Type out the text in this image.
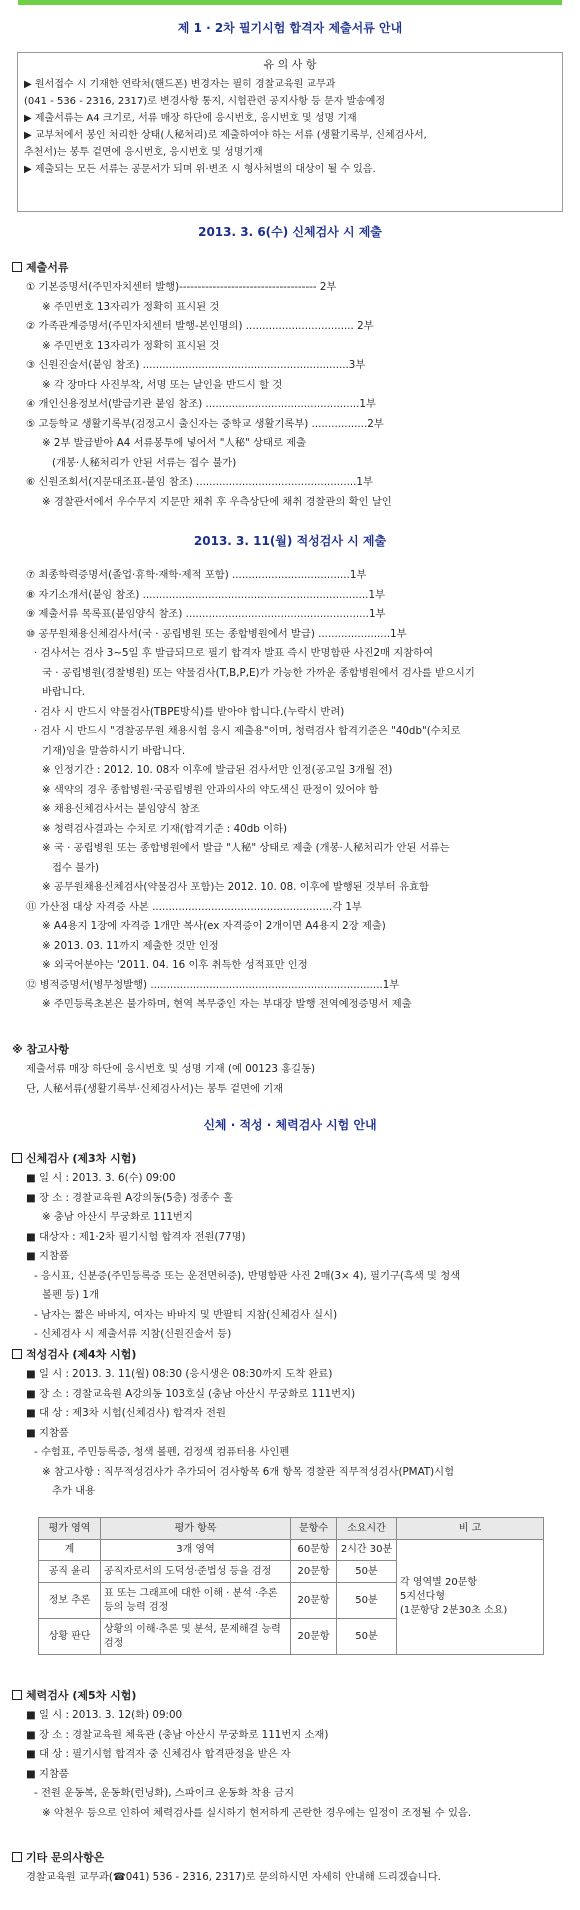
제 1 · 2차 필기시험 합격자 제출서류 안내
유 의 사 항
▶ 원서접수 시 기재한 연락처(핸드폰) 변경자는 필히 경찰교육원 교무과
(041 - 536 - 2316, 2317)로 변경사항 통지, 시험관련 공지사항 등 문자 발송예정
▶ 제출서류는 A4 크기로, 서류 매장 하단에 응시번호, 응시번호 및 성명 기재
▶ 교부처에서 봉인 처리한 상태(人秘처리)로 제출하여야 하는 서류 (생활기록부, 신체검사서,
추천서)는 봉투 겉면에 응시번호, 응시번호 및 성명기재
▶ 제출되는 모든 서류는 공문서가 되며 위·변조 시 형사처벌의 대상이 될 수 있음.
2013. 3. 6(수) 신체검사 시 제출
제출서류
① 기본증명서(주민자치센터 발행)------------------------------------- 2부
※ 주민번호 13자리가 정확히 표시된 것
② 가족관계증명서(주민자치센터 발행-본인명의) ................................. 2부
※ 주민번호 13자리가 정확히 표시된 것
③ 신원진술서(붙임 참조) ...............................................................3부
※ 각 장마다 사진부착, 서명 또는 날인을 반드시 할 것
④ 개인신용정보서(발급기관 붙임 참조) ...............................................1부
⑤ 고등학교 생활기록부(검정고시 출신자는 중학교 생활기록부) .................2부
※ 2부 발급받아 A4 서류봉투에 넣어서 "人秘" 상태로 제출
(개봉·人秘처리가 안된 서류는 접수 불가)
⑥ 신원조회서(지문대조표-붙임 참조) .................................................1부
※ 경찰관서에서 우수무지 지문만 채취 후 우측상단에 채취 경찰관의 확인 날인
2013. 3. 11(월) 적성검사 시 제출
⑦ 최종학력증명서(졸업·휴학·재학·제적 포함) ....................................1부
⑧ 자기소개서(붙임 참조) .....................................................................1부
⑨ 제출서류 목록표(붙임양식 참조) ........................................................1부
⑩ 공무원채용신체검사서(국 · 공립병원 또는 종합병원에서 발급) ......................1부
· 검사서는 검사 3~5일 후 발급되므로 필기 합격자 발표 즉시 반명함판 사진2매 지참하여
국 · 공립병원(경찰병원) 또는 약물검사(T,B,P,E)가 가능한 가까운 종합병원에서 검사를 받으시기
바랍니다.
· 검사 시 반드시 약물검사(TBPE방식)를 받아야 합니다.(누락시 반려)
· 검사 시 반드시 "경찰공무원 채용시험 응시 제출용"이며, 청력검사 합격기준은 "40db"(수치로
기재)임을 말씀하시기 바랍니다.
※ 인정기간 : 2012. 10. 08자 이후에 발급된 검사서만 인정(공고일 3개월 전)
※ 색약의 경우 종합병원·국공립병원 안과의사의 약도색신 판정이 있어야 함
※ 채용신체검사서는 붙임양식 참조
※ 청력검사결과는 수치로 기재(합격기준 : 40db 이하)
※ 국 · 공립병원 또는 종합병원에서 발급 "人秘" 상태로 제출 (개봉·人秘처리가 안된 서류는
접수 불가)
※ 공무원채용신체검사(약물검사 포함)는 2012. 10. 08. 이후에 발행된 것부터 유효함
⑪ 가산점 대상 자격증 사본 .......................................................각 1부
※ A4용지 1장에 자격증 1개만 복사(ex 자격증이 2개이면 A4용지 2장 제출)
※ 2013. 03. 11까지 제출한 것만 인정
※ 외국어분야는 '2011. 04. 16 이후 취득한 성적표만 인정
⑫ 병적증명서(병무청발행) .......................................................................1부
※ 주민등록초본은 불가하며, 현역 복무중인 자는 부대장 발행 전역예정증명서 제출
※ 참고사항
제출서류 매장 하단에 응시번호 및 성명 기재 (예 00123 홍길동)
단, 人秘서류(생활기록부·신체검사서)는 봉투 겉면에 기재
신체 · 적성 · 체력검사 시험 안내
신체검사 (제3차 시험)
■ 일 시 : 2013. 3. 6(수) 09:00
■ 장 소 : 경찰교육원 A강의동(5층) 정종수 홀
※ 충남 아산시 무궁화로 111번지
■ 대상자 : 제1·2차 필기시험 합격자 전원(77명)
■ 지참품
- 응시표, 신분증(주민등록증 또는 운전면허증), 반명함판 사진 2매(3× 4), 필기구(흑색 및 청색
볼펜 등) 1개
- 남자는 짧은 바바지, 여자는 바바지 및 반팔티 지참(신체검사 실시)
- 신체검사 시 제출서류 지참(신원진술서 등)
적성검사 (제4차 시험)
■ 일 시 : 2013. 3. 11(월) 08:30 (응시생은 08:30까지 도착 완료)
■ 장 소 : 경찰교육원 A강의동 103호실 (충남 아산시 무궁화로 111번지)
■ 대 상 : 제3차 시험(신체검사) 합격자 전원
■ 지참품
- 수험표, 주민등록증, 청색 볼펜, 검정색 컴퓨터용 사인펜
※ 참고사항 : 직무적성검사가 추가되어 검사항목 6개 항목 경찰관 직무적성검사(PMAT)시험
추가 내용
평가 영역	평가 항목	문항수	소요시간	비 고
계	3개 영역	60문항	2시간 30분	각 영역별 20문항
5지선다형
(1문항당 2분30초 소요)

공직 윤리	공직자로서의 도덕성·준법성 등을 검정	20문항	50분	
정보 추론	표 또는 그래프에 대한 이해 · 분석 ·추론 등의 능력 검정	20문항	50분	
상황 판단	상황의 이해·추론 및 분석, 문제해결 능력 검정	20문항	50분	
체력검사 (제5차 시험)
■ 일 시 : 2013. 3. 12(화) 09:00
■ 장 소 : 경찰교육원 체육관 (충남 아산시 무궁화로 111번지 소재)
■ 대 상 : 필기시험 합격자 중 신체검사 합격판정을 받은 자
■ 지참품
- 전원 운동복, 운동화(런닝화), 스파이크 운동화 착용 금지
※ 악천우 등으로 인하여 체력검사를 실시하기 현저하게 곤란한 경우에는 일정이 조정될 수 있음.
기타 문의사항은
경찰교육원 교무과(☎041) 536 - 2316, 2317)로 문의하시면 자세히 안내해 드리겠습니다.
